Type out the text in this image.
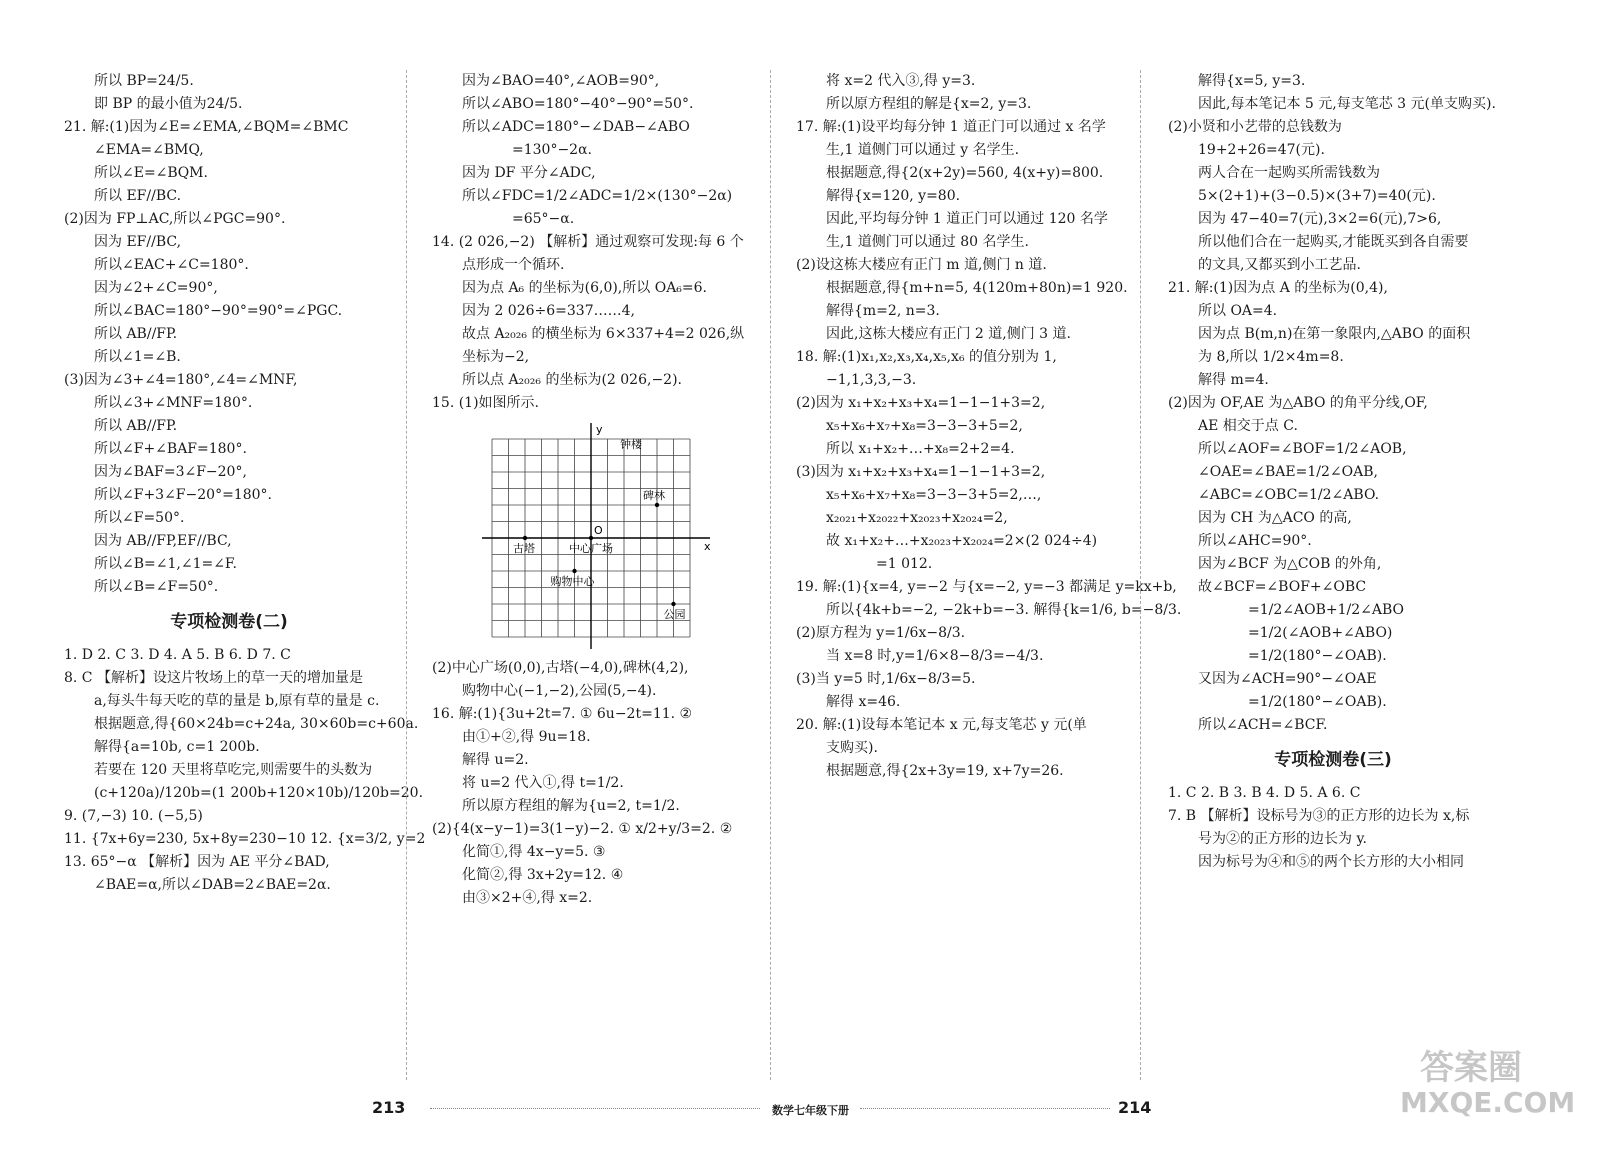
所以 BP=24/5.

即 BP 的最小值为24/5.

21. 解:(1)因为∠E=∠EMA,∠BQM=∠BMC

∠EMA=∠BMQ,

所以∠E=∠BQM.

所以 EF//BC.

(2)因为 FP⊥AC,所以∠PGC=90°.

因为 EF//BC,

所以∠EAC+∠C=180°.

因为∠2+∠C=90°,

所以∠BAC=180°−90°=90°=∠PGC.

所以 AB//FP.

所以∠1=∠B.

(3)因为∠3+∠4=180°,∠4=∠MNF,

所以∠3+∠MNF=180°.

所以 AB//FP.

所以∠F+∠BAF=180°.

因为∠BAF=3∠F−20°,

所以∠F+3∠F−20°=180°.

所以∠F=50°.

因为 AB//FP,EF//BC,

所以∠B=∠1,∠1=∠F.

所以∠B=∠F=50°.

专项检测卷(二)

1. D 2. C 3. D 4. A 5. B 6. D 7. C

8. C 【解析】设这片牧场上的草一天的增加量是

a,每头牛每天吃的草的量是 b,原有草的量是 c.

根据题意,得{60×24b=c+24a, 30×60b=c+60a.

解得{a=10b, c=1 200b.

若要在 120 天里将草吃完,则需要牛的头数为

(c+120a)/120b=(1 200b+120×10b)/120b=20.

9. (7,−3) 10. (−5,5)

11. {7x+6y=230, 5x+8y=230−10 12. {x=3/2, y=2

13. 65°−α 【解析】因为 AE 平分∠BAD,

∠BAE=α,所以∠DAB=2∠BAE=2α.

因为∠BAO=40°,∠AOB=90°,

所以∠ABO=180°−40°−90°=50°.

所以∠ADC=180°−∠DAB−∠ABO

=130°−2α.

因为 DF 平分∠ADC,

所以∠FDC=1/2∠ADC=1/2×(130°−2α)

=65°−α.

14. (2 026,−2) 【解析】通过观察可发现:每 6 个

点形成一个循环.

因为点 A₆ 的坐标为(6,0),所以 OA₆=6.

因为 2 026÷6=337……4,

故点 A₂₀₂₆ 的横坐标为 6×337+4=2 026,纵

坐标为−2,

所以点 A₂₀₂₆ 的坐标为(2 026,−2).

15. (1)如图所示.

x
y
O
钟楼
碑林
古塔	中心广场
购物中心
公园

(2)中心广场(0,0),古塔(−4,0),碑林(4,2),

购物中心(−1,−2),公园(5,−4).

16. 解:(1){3u+2t=7. ① 6u−2t=11. ②

由①+②,得 9u=18.

解得 u=2.

将 u=2 代入①,得 t=1/2.

所以原方程组的解为{u=2, t=1/2.

(2){4(x−y−1)=3(1−y)−2. ① x/2+y/3=2. ②

化简①,得 4x−y=5. ③

化简②,得 3x+2y=12. ④

由③×2+④,得 x=2.

将 x=2 代入③,得 y=3.

所以原方程组的解是{x=2, y=3.

17. 解:(1)设平均每分钟 1 道正门可以通过 x 名学

生,1 道侧门可以通过 y 名学生.

根据题意,得{2(x+2y)=560, 4(x+y)=800.

解得{x=120, y=80.

因此,平均每分钟 1 道正门可以通过 120 名学

生,1 道侧门可以通过 80 名学生.

(2)设这栋大楼应有正门 m 道,侧门 n 道.

根据题意,得{m+n=5, 4(120m+80n)=1 920.

解得{m=2, n=3.

因此,这栋大楼应有正门 2 道,侧门 3 道.

18. 解:(1)x₁,x₂,x₃,x₄,x₅,x₆ 的值分别为 1,

−1,1,3,3,−3.

(2)因为 x₁+x₂+x₃+x₄=1−1−1+3=2,

x₅+x₆+x₇+x₈=3−3−3+5=2,

所以 x₁+x₂+…+x₈=2+2=4.

(3)因为 x₁+x₂+x₃+x₄=1−1−1+3=2,

x₅+x₆+x₇+x₈=3−3−3+5=2,…,

x₂₀₂₁+x₂₀₂₂+x₂₀₂₃+x₂₀₂₄=2,

故 x₁+x₂+…+x₂₀₂₃+x₂₀₂₄=2×(2 024÷4)

=1 012.

19. 解:(1){x=4, y=−2 与{x=−2, y=−3 都满足 y=kx+b,

所以{4k+b=−2, −2k+b=−3. 解得{k=1/6, b=−8/3.

(2)原方程为 y=1/6x−8/3.

当 x=8 时,y=1/6×8−8/3=−4/3.

(3)当 y=5 时,1/6x−8/3=5.

解得 x=46.

20. 解:(1)设每本笔记本 x 元,每支笔芯 y 元(单

支购买).

根据题意,得{2x+3y=19, x+7y=26.

解得{x=5, y=3.

因此,每本笔记本 5 元,每支笔芯 3 元(单支购买).

(2)小贤和小艺带的总钱数为

19+2+26=47(元).

两人合在一起购买所需钱数为

5×(2+1)+(3−0.5)×(3+7)=40(元).

因为 47−40=7(元),3×2=6(元),7>6,

所以他们合在一起购买,才能既买到各自需要

的文具,又都买到小工艺品.

21. 解:(1)因为点 A 的坐标为(0,4),

所以 OA=4.

因为点 B(m,n)在第一象限内,△ABO 的面积

为 8,所以 1/2×4m=8.

解得 m=4.

(2)因为 OF,AE 为△ABO 的角平分线,OF,

AE 相交于点 C.

所以∠AOF=∠BOF=1/2∠AOB,

∠OAE=∠BAE=1/2∠OAB,

∠ABC=∠OBC=1/2∠ABO.

因为 CH 为△ACO 的高,

所以∠AHC=90°.

因为∠BCF 为△COB 的外角,

故∠BCF=∠BOF+∠OBC

=1/2∠AOB+1/2∠ABO

=1/2(∠AOB+∠ABO)

=1/2(180°−∠OAB).

又因为∠ACH=90°−∠OAE

=1/2(180°−∠OAB).

所以∠ACH=∠BCF.

专项检测卷(三)

1. C 2. B 3. B 4. D 5. A 6. C

7. B 【解析】设标号为③的正方形的边长为 x,标

号为②的正方形的边长为 y.

因为标号为④和⑤的两个长方形的大小相同

213	数学七年级下册	214
答案圈
MXQE.COM
